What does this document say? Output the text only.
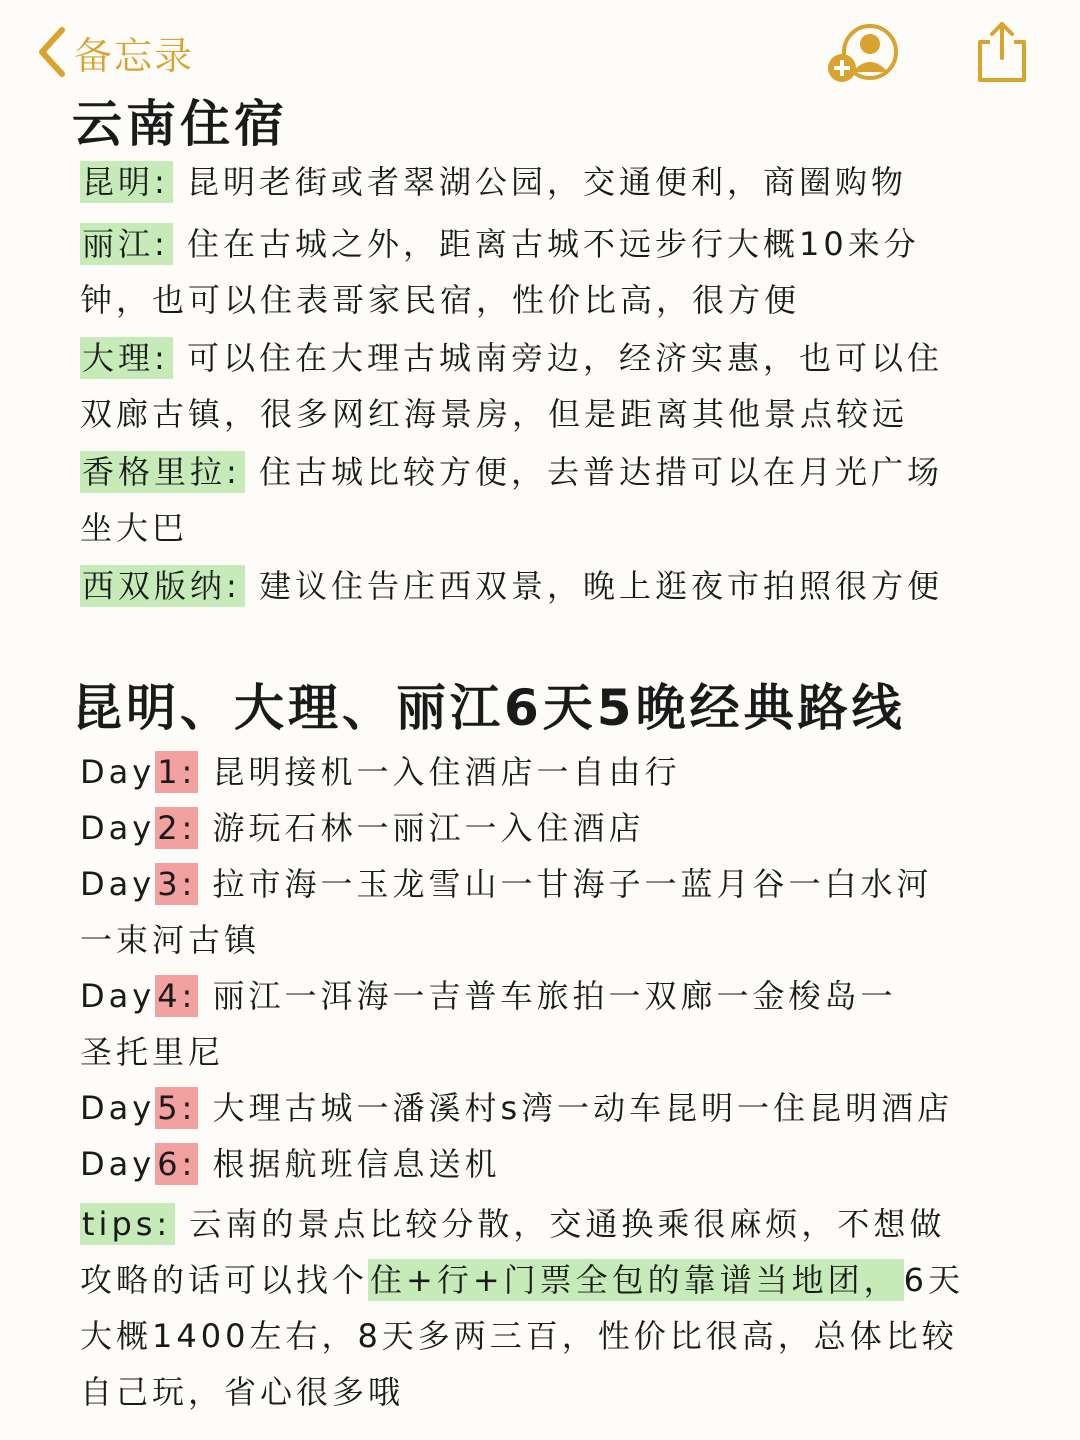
备忘录
云南住宿
昆明: 昆明老街或者翠湖公园，交通便利，商圈购物
丽江: 住在古城之外，距离古城不远步行大概10来分
钟，也可以住表哥家民宿，性价比高，很方便
大理: 可以住在大理古城南旁边，经济实惠，也可以住
双廊古镇，很多网红海景房，但是距离其他景点较远
香格里拉: 住古城比较方便，去普达措可以在月光广场
坐大巴
西双版纳: 建议住告庄西双景，晚上逛夜市拍照很方便
昆明、大理、丽江6天5晚经典路线
Day1: 昆明接机一入住酒店一自由行
Day2: 游玩石林一丽江一入住酒店
Day3: 拉市海一玉龙雪山一甘海子一蓝月谷一白水河
一束河古镇
Day4: 丽江一洱海一吉普车旅拍一双廊一金梭岛一
圣托里尼
Day5: 大理古城一潘溪村s湾一动车昆明一住昆明酒店
Day6: 根据航班信息送机
tips: 云南的景点比较分散，交通换乘很麻烦，不想做
攻略的话可以找个住+行+门票全包的靠谱当地团， 6天
大概1400左右，8天多两三百，性价比很高，总体比较
自己玩，省心很多哦
